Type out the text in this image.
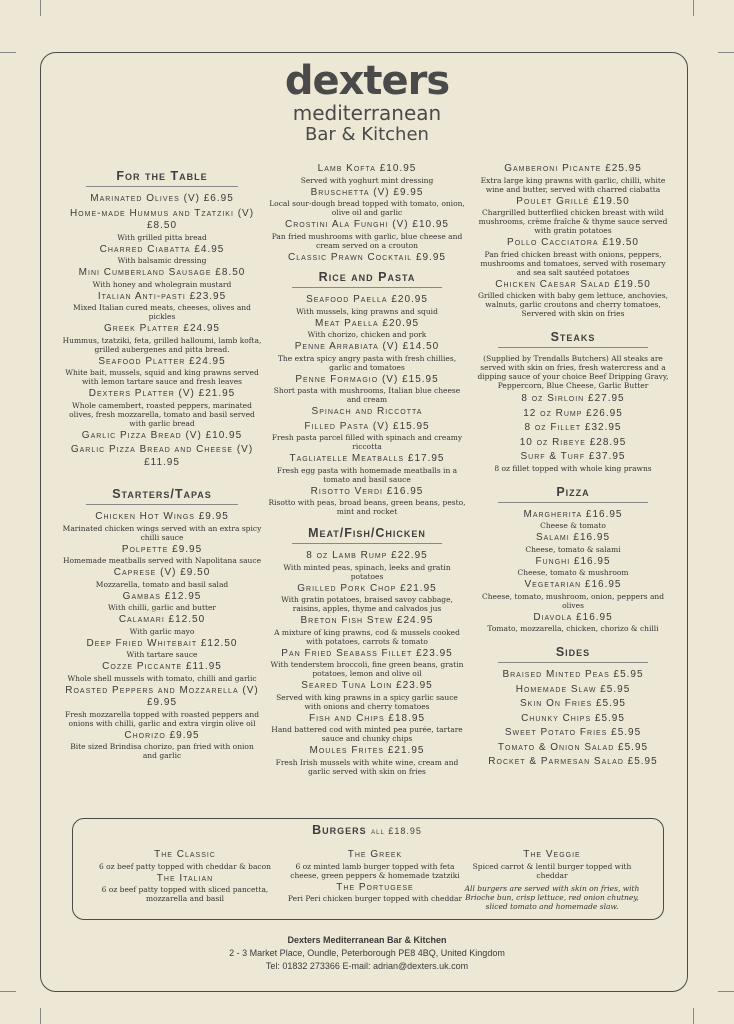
dexters
mediterranean
Bar & Kitchen
For the Table
Marinated Olives (V) £6.95
Home-made Hummus and Tzatziki (V) £8.50
With grilled pitta bread
Charred Ciabatta £4.95
With balsamic dressing
Mini Cumberland Sausage £8.50
With honey and wholegrain mustard
Italian Anti-pasti £23.95
Mixed Italian cured meats, cheeses, olives and pickles
Greek Platter £24.95
Hummus, tzatziki, feta, grilled halloumi, lamb kofta, grilled aubergenes and pitta bread.
Seafood Platter £24.95
White bait, mussels, squid and king prawns served with lemon tartare sauce and fresh leaves
Dexters Platter (V) £21.95
Whole camembert, roasted peppers, marinated olives, fresh mozzarella, tomato and basil served with garlic bread
Garlic Pizza Bread (V) £10.95
Garlic Pizza Bread and Cheese (V) £11.95
Starters/Tapas
Chicken Hot Wings £9.95
Marinated chicken wings served with an extra spicy chilli sauce
Polpette £9.95
Homemade meatballs served with Napolitana sauce
Caprese (V) £9.50
Mozzarella, tomato and basil salad
Gambas £12.95
With chilli, garlic and butter
Calamari £12.50
With garlic mayo
Deep Fried Whitebait £12.50
With tartare sauce
Cozze Piccante £11.95
Whole shell mussels with tomato, chilli and garlic
Roasted Peppers and Mozzarella (V) £9.95
Fresh mozzarella topped with roasted peppers and onions with chilli, garlic and extra virgin olive oil
Chorizo £9.95
Bite sized Brindisa chorizo, pan fried with onion and garlic
Lamb Kofta £10.95
Served with yoghurt mint dressing
Bruschetta (V) £9.95
Local sour-dough bread topped with tomato, onion, olive oil and garlic
Crostini Ala Funghi (V) £10.95
Pan fried mushrooms with garlic, blue cheese and cream served on a crouton
Classic Prawn Cocktail £9.95
Rice and Pasta
Seafood Paella £20.95
With mussels, king prawns and squid
Meat Paella £20.95
With chorizo, chicken and pork
Penne Arrabiata (V) £14.50
The extra spicy angry pasta with fresh chillies, garlic and tomatoes
Penne Formagio (V) £15.95
Short pasta with mushrooms, Italian blue cheese and cream
Spinach and Riccotta
Filled Pasta (V) £15.95
Fresh pasta parcel filled with spinach and creamy riccotta
Tagliatelle Meatballs £17.95
Fresh egg pasta with homemade meatballs in a tomato and basil sauce
Risotto Verdi £16.95
Risotto with peas, broad beans, green beans, pesto, mint and rocket
Meat/Fish/Chicken
8 oz Lamb Rump £22.95
With minted peas, spinach, leeks and gratin potatoes
Grilled Pork Chop £21.95
With gratin potatoes, braised savoy cabbage, raisins, apples, thyme and calvados jus
Breton Fish Stew £24.95
A mixture of king prawns, cod & mussels cooked with potatoes, carrots & tomato
Pan Fried Seabass Fillet £23.95
With tenderstem broccoli, fine green beans, gratin potatoes, lemon and olive oil
Seared Tuna Loin £23.95
Served with king prawns in a spicy garlic sauce with onions and cherry tomatoes
Fish and Chips £18.95
Hand battered cod with minted pea purée, tartare sauce and chunky chips
Moules Frites £21.95
Fresh Irish mussels with white wine, cream and garlic served with skin on fries
Gamberoni Picante £25.95
Extra large king prawns with garlic, chilli, white wine and butter, served with charred ciabatta
Poulet Grillé £19.50
Chargrilled butterflied chicken breast with wild mushrooms, crème fraîche & thyme sauce served with gratin potatoes
Pollo Cacciatora £19.50
Pan fried chicken breast with onions, peppers, mushrooms and tomatoes, served with rosemary and sea salt sautéed potatoes
Chicken Caesar Salad £19.50
Grilled chicken with baby gem lettuce, anchovies, walnuts, garlic croutons and cherry tomatoes, Servered with skin on fries
Steaks
(Supplied by Trendalls Butchers) All steaks are served with skin on fries, fresh watercress and a dipping sauce of your choice Beef Dripping Gravy, Peppercorn, Blue Cheese, Garlic Butter
8 oz Sirloin £27.95
12 oz Rump £26.95
8 oz Fillet £32.95
10 oz Ribeye £28.95
Surf & Turf £37.95
8 oz fillet topped with whole king prawns
Pizza
Margherita £16.95
Cheese & tomato
Salami £16.95
Cheese, tomato & salami
Funghi £16.95
Cheese, tomato & mushroom
Vegetarian £16.95
Cheese, tomato, mushroom, onion, peppers and olives
Diavola £16.95
Tomato, mozzarella, chicken, chorizo & chilli
Sides
Braised Minted Peas £5.95
Homemade Slaw £5.95
Skin On Fries £5.95
Chunky Chips £5.95
Sweet Potato Fries £5.95
Tomato & Onion Salad £5.95
Rocket & Parmesan Salad £5.95
Burgers all £18.95
The Classic
6 oz beef patty topped with cheddar & bacon
The Italian
6 oz beef patty topped with sliced pancetta, mozzarella and basil
The Greek
6 oz minted lamb burger topped with feta cheese, green peppers & homemade tzatziki
The Portugese
Peri Peri chicken burger topped with cheddar
The Veggie
Spiced carrot & lentil burger topped with cheddar
All burgers are served with skin on fries, with Brioche bun, crisp lettuce, red onion chutney, sliced tomato and homemade slaw.
Dexters Mediterranean Bar & Kitchen
2 - 3 Market Place, Oundle, Peterborough PE8 4BQ, United Kingdom
Tel: 01832 273366 E-mail: adrian@dexters.uk.com
